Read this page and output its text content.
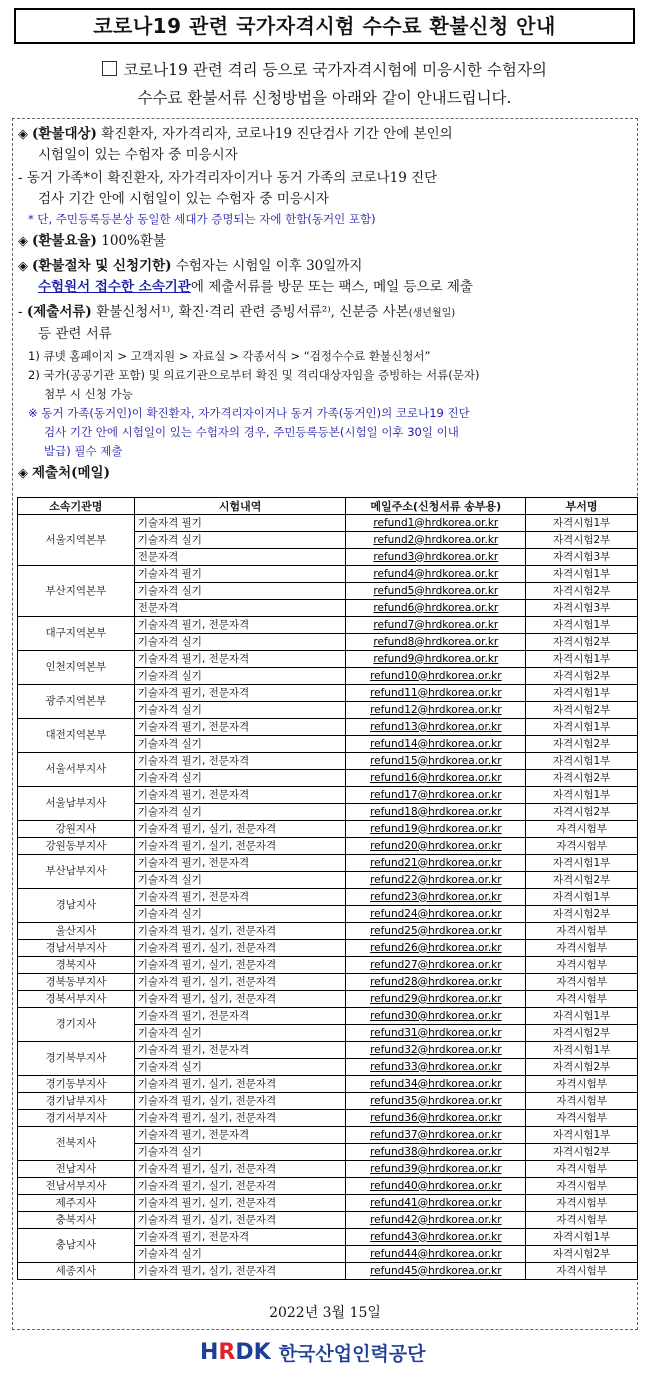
코로나19 관련 국가자격시험 수수료 환불신청 안내
코로나19 관련 격리 등으로 국가자격시험에 미응시한 수험자의
수수료 환불서류 신청방법을 아래와 같이 안내드립니다.
◈ (환불대상) 확진환자, 자가격리자, 코로나19 진단검사 기간 안에 본인의
시험일이 있는 수험자 중 미응시자
- 동거 가족*이 확진환자, 자가격리자이거나 동거 가족의 코로나19 진단
검사 기간 안에 시험일이 있는 수험자 중 미응시자
* 단, 주민등록등본상 동일한 세대가 증명되는 자에 한함(동거인 포함)
◈ (환불요율) 100%환불
◈ (환불절차 및 신청기한) 수험자는 시험일 이후 30일까지
수험원서 접수한 소속기관에 제출서류를 방문 또는 팩스, 메일 등으로 제출
- (제출서류) 환불신청서¹⁾, 확진·격리 관련 증빙서류²⁾, 신분증 사본(생년월일)
등 관련 서류
1) 큐넷 홈페이지 > 고객지원 > 자료실 > 각종서식 > “검정수수료 환불신청서”
2) 국가(공공기관 포함) 및 의료기관으로부터 확진 및 격리대상자임을 증빙하는 서류(문자)
첨부 시 신청 가능
※ 동거 가족(동거인)이 확진환자, 자가격리자이거나 동거 가족(동거인)의 코로나19 진단
검사 기간 안에 시험일이 있는 수험자의 경우, 주민등록등본(시험일 이후 30일 이내
발급) 필수 제출
◈ 제출처(메일)
소속기관명	시험내역	메일주소(신청서류 송부용)	부서명
서울지역본부	기술자격 필기	refund1@hrdkorea.or.kr	자격시험1부
	기술자격 실기	refund2@hrdkorea.or.kr	자격시험2부
	전문자격	refund3@hrdkorea.or.kr	자격시험3부
부산지역본부	기술자격 필기	refund4@hrdkorea.or.kr	자격시험1부
	기술자격 실기	refund5@hrdkorea.or.kr	자격시험2부
	전문자격	refund6@hrdkorea.or.kr	자격시험3부
대구지역본부	기술자격 필기, 전문자격	refund7@hrdkorea.or.kr	자격시험1부
	기술자격 실기	refund8@hrdkorea.or.kr	자격시험2부
인천지역본부	기술자격 필기, 전문자격	refund9@hrdkorea.or.kr	자격시험1부
	기술자격 실기	refund10@hrdkorea.or.kr	자격시험2부
광주지역본부	기술자격 필기, 전문자격	refund11@hrdkorea.or.kr	자격시험1부
	기술자격 실기	refund12@hrdkorea.or.kr	자격시험2부
대전지역본부	기술자격 필기, 전문자격	refund13@hrdkorea.or.kr	자격시험1부
	기술자격 실기	refund14@hrdkorea.or.kr	자격시험2부
서울서부지사	기술자격 필기, 전문자격	refund15@hrdkorea.or.kr	자격시험1부
	기술자격 실기	refund16@hrdkorea.or.kr	자격시험2부
서울남부지사	기술자격 필기, 전문자격	refund17@hrdkorea.or.kr	자격시험1부
	기술자격 실기	refund18@hrdkorea.or.kr	자격시험2부
강원지사	기술자격 필기, 실기, 전문자격	refund19@hrdkorea.or.kr	자격시험부
강원동부지사	기술자격 필기, 실기, 전문자격	refund20@hrdkorea.or.kr	자격시험부
부산남부지사	기술자격 필기, 전문자격	refund21@hrdkorea.or.kr	자격시험1부
	기술자격 실기	refund22@hrdkorea.or.kr	자격시험2부
경남지사	기술자격 필기, 전문자격	refund23@hrdkorea.or.kr	자격시험1부
	기술자격 실기	refund24@hrdkorea.or.kr	자격시험2부
울산지사	기술자격 필기, 실기, 전문자격	refund25@hrdkorea.or.kr	자격시험부
경남서부지사	기술자격 필기, 실기, 전문자격	refund26@hrdkorea.or.kr	자격시험부
경북지사	기술자격 필기, 실기, 전문자격	refund27@hrdkorea.or.kr	자격시험부
경북동부지사	기술자격 필기, 실기, 전문자격	refund28@hrdkorea.or.kr	자격시험부
경북서부지사	기술자격 필기, 실기, 전문자격	refund29@hrdkorea.or.kr	자격시험부
경기지사	기술자격 필기, 전문자격	refund30@hrdkorea.or.kr	자격시험1부
	기술자격 실기	refund31@hrdkorea.or.kr	자격시험2부
경기북부지사	기술자격 필기, 전문자격	refund32@hrdkorea.or.kr	자격시험1부
	기술자격 실기	refund33@hrdkorea.or.kr	자격시험2부
경기동부지사	기술자격 필기, 실기, 전문자격	refund34@hrdkorea.or.kr	자격시험부
경기남부지사	기술자격 필기, 실기, 전문자격	refund35@hrdkorea.or.kr	자격시험부
경기서부지사	기술자격 필기, 실기, 전문자격	refund36@hrdkorea.or.kr	자격시험부
전북지사	기술자격 필기, 전문자격	refund37@hrdkorea.or.kr	자격시험1부
	기술자격 실기	refund38@hrdkorea.or.kr	자격시험2부
전남지사	기술자격 필기, 실기, 전문자격	refund39@hrdkorea.or.kr	자격시험부
전남서부지사	기술자격 필기, 실기, 전문자격	refund40@hrdkorea.or.kr	자격시험부
제주지사	기술자격 필기, 실기, 전문자격	refund41@hrdkorea.or.kr	자격시험부
충북지사	기술자격 필기, 실기, 전문자격	refund42@hrdkorea.or.kr	자격시험부
충남지사	기술자격 필기, 전문자격	refund43@hrdkorea.or.kr	자격시험1부
	기술자격 실기	refund44@hrdkorea.or.kr	자격시험2부
세종지사	기술자격 필기, 실기, 전문자격	refund45@hrdkorea.or.kr	자격시험부
2022년 3월 15일
HRDK 한국산업인력공단
